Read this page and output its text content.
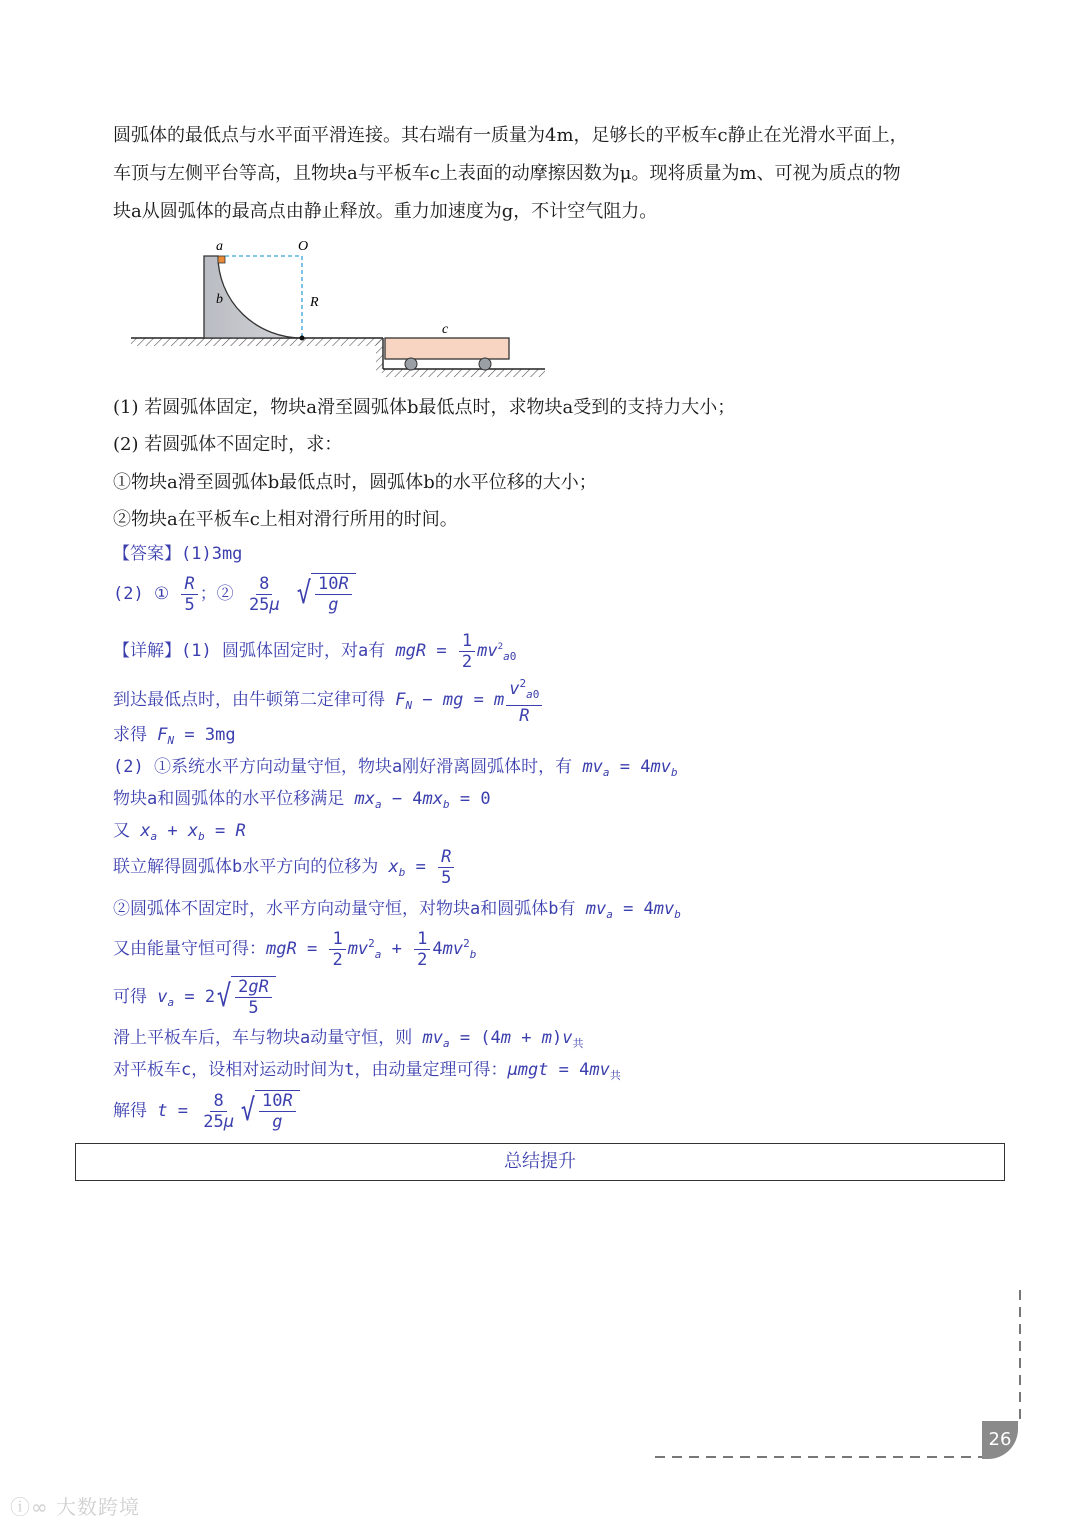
圆弧体的最低点与水平面平滑连接。其右端有一质量为4m，足够长的平板车c静止在光滑水平面上，
车顶与左侧平台等高，且物块a与平板车c上表面的动摩擦因数为μ。现将质量为m、可视为质点的物
块a从圆弧体的最高点由静止释放。重力加速度为g，不计空气阻力。
a	O
b	R
c
(1) 若圆弧体固定，物块a滑至圆弧体b最低点时，求物块a受到的支持力大小；
(2) 若圆弧体不固定时，求：
①物块a滑至圆弧体b最低点时，圆弧体b的水平位移的大小；
②物块a在平板车c上相对滑行所用的时间。
【答案】(1)3mg
(2) ① $\frac{R}{5}$ ；② $\frac{8}{25\mu}$
√ $\frac{10R}{g}$
【详解】(1) 圆弧体固定时，对a有 mgR = $\frac{1}{2} mv^2_{a0}$
到达最低点时，由牛顿第二定律可得 $F_N$ − mg = m $\frac{v^2_{a0}}{R}$
求得 $F_N = 3mg$
(2) ①系统水平方向动量守恒，物块a刚好滑离圆弧体时，有 $mv_a = 4mv_b$
物块a和圆弧体的水平位移满足 $mx_a - 4mx_b = 0$
又 $x_a + x_b = R$
联立解得圆弧体b水平方向的位移为 $x_b = \frac{R}{5}$
②圆弧体不固定时，水平方向动量守恒，对物块a和圆弧体b有 $mv_a = 4mv_b$
又由能量守恒可得：mgR = $\frac{1}{2} mv^2_a + \frac{1}{2} 4mv^2_b$
可得 $v_a = 2$ √ $\frac{2gR}{5}$
滑上平板车后，车与物块a动量守恒，则 $mv_a = (4m + m)v_共$
对平板车c，设相对运动时间为t，由动量定理可得：$\mu mgt = 4mv_共$
解得 $t = \frac{8}{25\mu}$ √ $\frac{10R}{g}$
总结提升
26
ⓘ∞ 大数跨境
